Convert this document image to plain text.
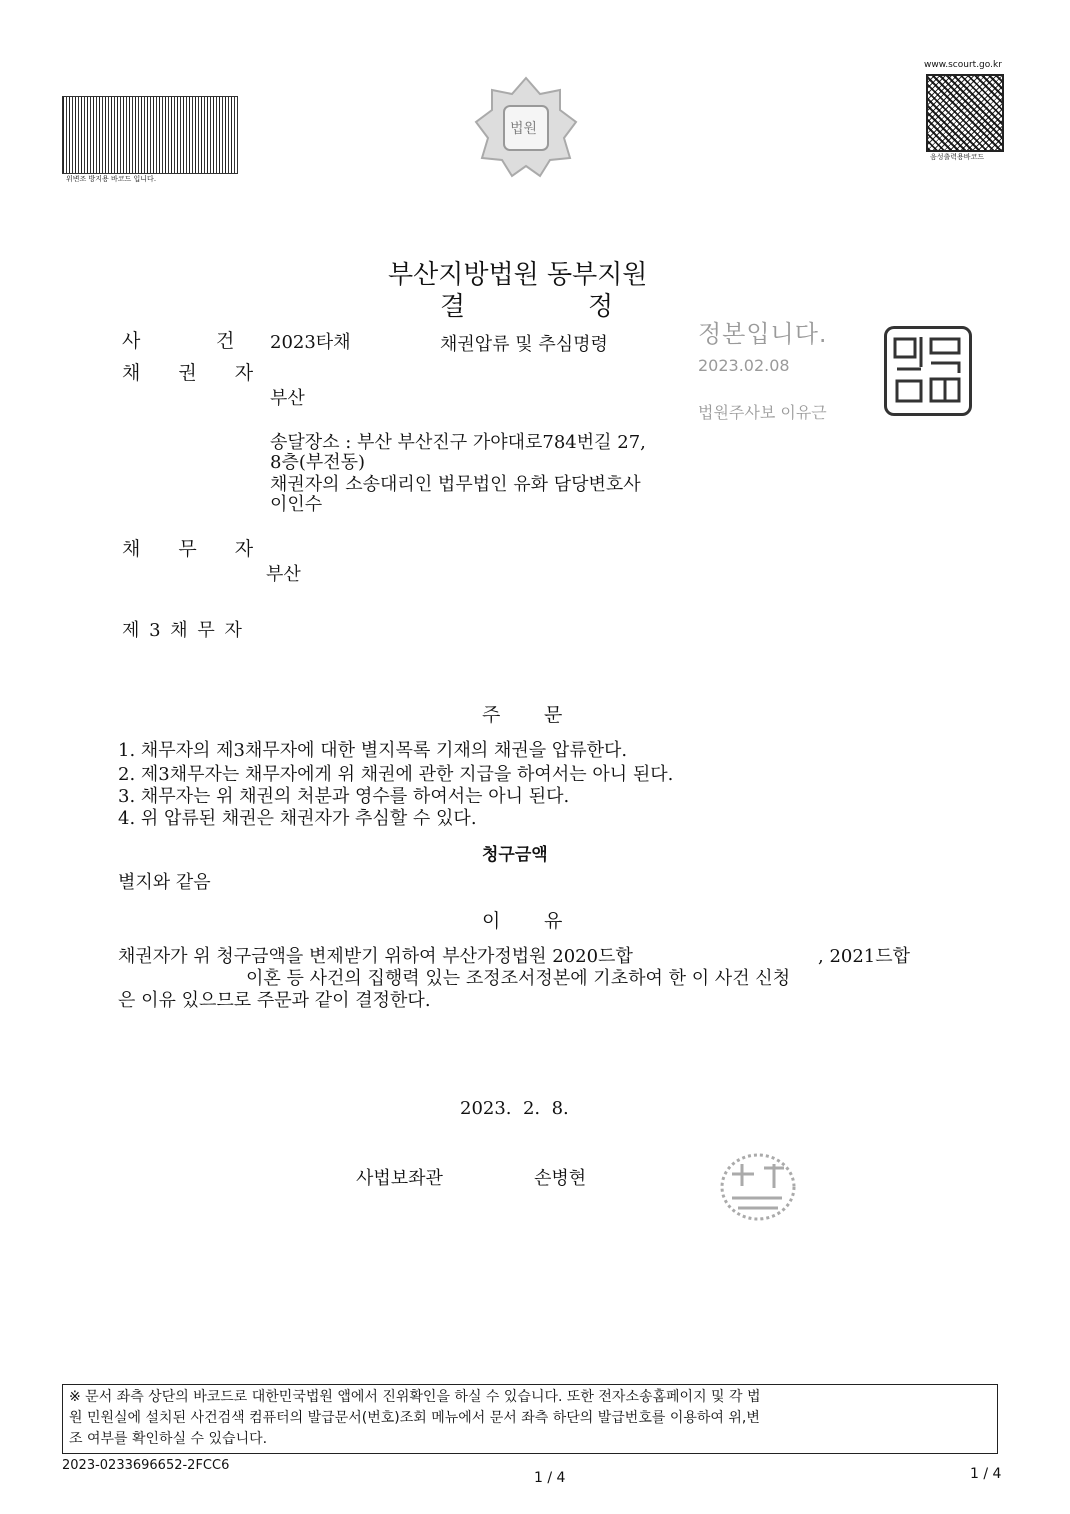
위변조 방지용 바코드 입니다.
법원
www.scourt.go.kr
음성출력용바코드
부산지방법원 동부지원
결	정
정본입니다.
2023.02.08
법원주사보 이유근
사	건 2023타채	채권압류 및 추심명령
채 권 자
부산
송달장소 : 부산 부산진구 가야대로784번길 27,
8층(부전동)
채권자의 소송대리인 법무법인 유화 담당변호사
이인수
채 무 자
부산
제 3 채 무 자
주 문
1. 채무자의 제3채무자에 대한 별지목록 기재의 채권을 압류한다.
2. 제3채무자는 채무자에게 위 채권에 관한 지급을 하여서는 아니 된다.
3. 채무자는 위 채권의 처분과 영수를 하여서는 아니 된다.
4. 위 압류된 채권은 채권자가 추심할 수 있다.
청구금액
별지와 같음
이 유
채권자가 위 청구금액을 변제받기 위하여 부산가정법원 2020드합	, 2021드합
이혼 등 사건의 집행력 있는 조정조서정본에 기초하여 한 이 사건 신청
은 이유 있으므로 주문과 같이 결정한다.
2023.  2.  8.
사법보좌관	손병현
※ 문서 좌측 상단의 바코드로 대한민국법원 앱에서 진위확인을 하실 수 있습니다. 또한 전자소송홈페이지 및 각 법
원 민원실에 설치된 사건검색 컴퓨터의 발급문서(번호)조회 메뉴에서 문서 좌측 하단의 발급번호를 이용하여 위,변
조 여부를 확인하실 수 있습니다.
2023-0233696652-2FCC6
1 / 4	1 / 4
